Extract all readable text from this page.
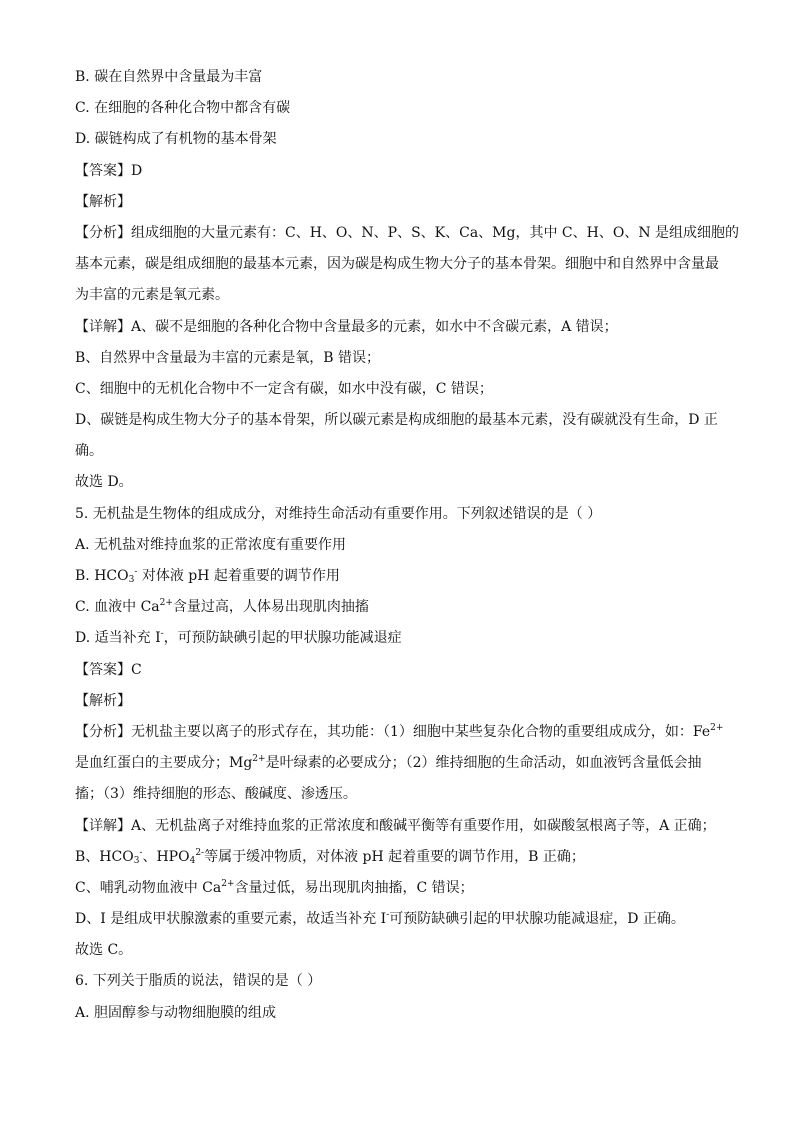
B. 碳在自然界中含量最为丰富
C. 在细胞的各种化合物中都含有碳
D. 碳链构成了有机物的基本骨架
【答案】D
【解析】
【分析】组成细胞的大量元素有：C、H、O、N、P、S、K、Ca、Mg，其中 C、H、O、N 是组成细胞的
基本元素，碳是组成细胞的最基本元素，因为碳是构成生物大分子的基本骨架。细胞中和自然界中含量最
为丰富的元素是氧元素。
【详解】A、碳不是细胞的各种化合物中含量最多的元素，如水中不含碳元素，A 错误；
B、自然界中含量最为丰富的元素是氧，B 错误；
C、细胞中的无机化合物中不一定含有碳，如水中没有碳，C 错误；
D、碳链是构成生物大分子的基本骨架，所以碳元素是构成细胞的最基本元素，没有碳就没有生命，D 正
确。
故选 D。
5. 无机盐是生物体的组成成分，对维持生命活动有重要作用。下列叙述错误的是（ ）
A. 无机盐对维持血浆的正常浓度有重要作用
B. $HCO_3^-$ 对体液 pH 起着重要的调节作用
C. 血液中 $Ca^{2+}$含量过高，人体易出现肌肉抽搐
D. 适当补充 I-，可预防缺碘引起的甲状腺功能减退症
【答案】C
【解析】
【分析】无机盐主要以离子的形式存在，其功能：（1）细胞中某些复杂化合物的重要组成成分，如：$Fe^{2+}$
是血红蛋白的主要成分；$Mg^{2+}$是叶绿素的必要成分；（2）维持细胞的生命活动，如血液钙含量低会抽
搐；（3）维持细胞的形态、酸碱度、渗透压。
【详解】A、无机盐离子对维持血浆的正常浓度和酸碱平衡等有重要作用，如碳酸氢根离子等，A 正确；
B、$HCO_3^-$、$HPO_4^{2-}$等属于缓冲物质，对体液 pH 起着重要的调节作用，B 正确；
C、哺乳动物血液中 $Ca^{2+}$含量过低，易出现肌肉抽搐，C 错误；
D、I 是组成甲状腺激素的重要元素，故适当补充 I-可预防缺碘引起的甲状腺功能减退症，D 正确。
故选 C。
6. 下列关于脂质的说法，错误的是（ ）
A. 胆固醇参与动物细胞膜的组成
